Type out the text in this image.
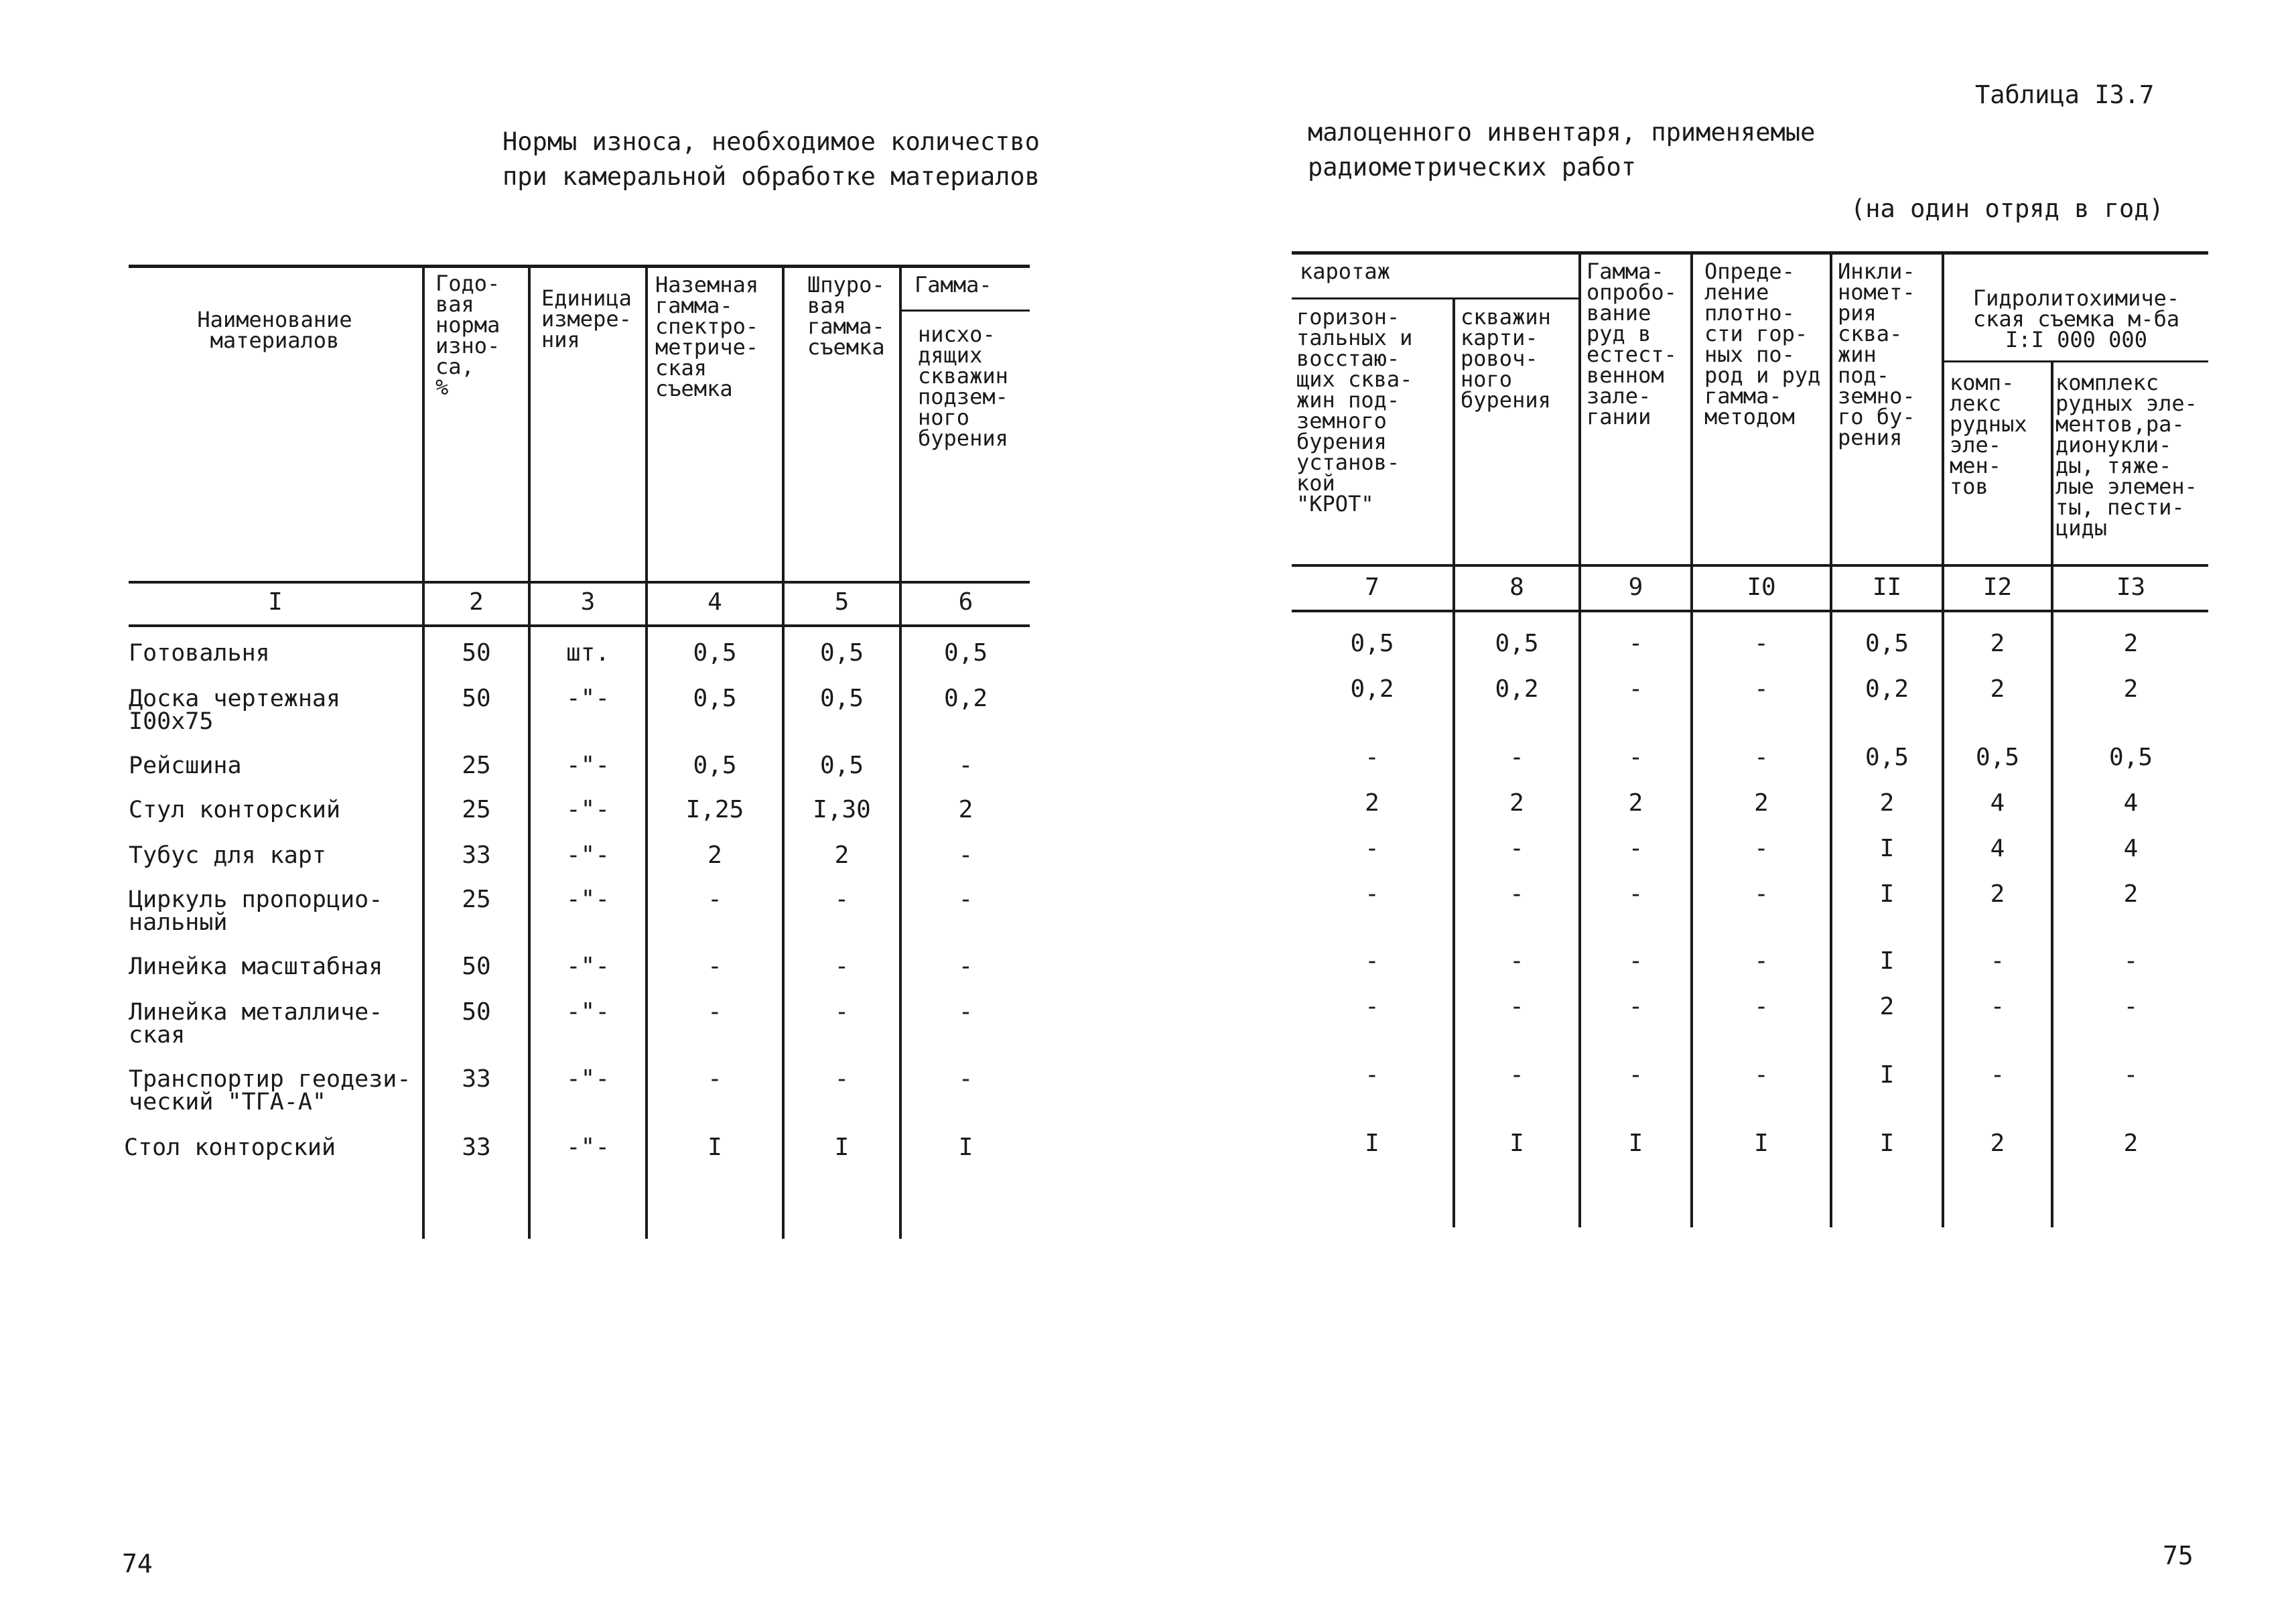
Нормы износа, необходимое количество
при камеральной обработке материалов
Наименование
материалов
Годо-
вая
норма
изно-
са,
%
Единица
измере-
ния
Наземная
гамма-
спектро-
метриче-
ская
съемка
Шпуро-
вая
гамма-
съемка
Гамма-
нисхо-
дящих
скважин
подзем-
ного
бурения
I	2	3	4	5	6
Готовальня	50	шт.	0,5	0,5	0,5
Доска чертежная
I00x75
50	-"-	0,5	0,5	0,2
Рейсшина	25	-"-	0,5	0,5	-
Стул конторский	25	-"-	I,25	I,30	2
Тубус для карт	33	-"-	2	2	-
Циркуль пропорцио-
нальный
25	-"-	-	-	-
Линейка масштабная	50	-"-	-	-	-
Линейка металличе-
ская
50	-"-	-	-	-
Транспортир геодези-
ческий "ТГА-А"
33	-"-	-	-	-
Стол конторский	33	-"-	I	I	I
74
Таблица I3.7
малоценного инвентаря, применяемые
радиометрических работ
(на один отряд в год)
каротаж
горизон-
тальных и
восстаю-
щих сква-
жин под-
земного
бурения
установ-
кой
"КРОТ"
скважин
карти-
ровоч-
ного
бурения
Гамма-
опробо-
вание
руд в
естест-
венном
зале-
гании
Опреде-
ление
плотно-
сти гор-
ных по-
род и руд
гамма-
методом
Инкли-
номет-
рия
сква-
жин
под-
земно-
го бу-
рения
Гидролитохимиче-
ская съемка м-ба
I:I 000 000
комп-
лекс
рудных
эле-
мен-
тов
комплекс
рудных эле-
ментов,ра-
дионукли-
ды, тяже-
лые элемен-
ты, пести-
циды
7	8	9	I0	II	I2	I3
0,5	0,5	-	-	0,5	2	2
0,2	0,2	-	-	0,2	2	2
-	-	-	-	0,5	0,5	0,5
2	2	2	2	2	4	4
-	-	-	-	I	4	4
-	-	-	-	I	2	2
-	-	-	-	I	-	-
-	-	-	-	2	-	-
-	-	-	-	I	-	-
I	I	I	I	I	2	2
75
